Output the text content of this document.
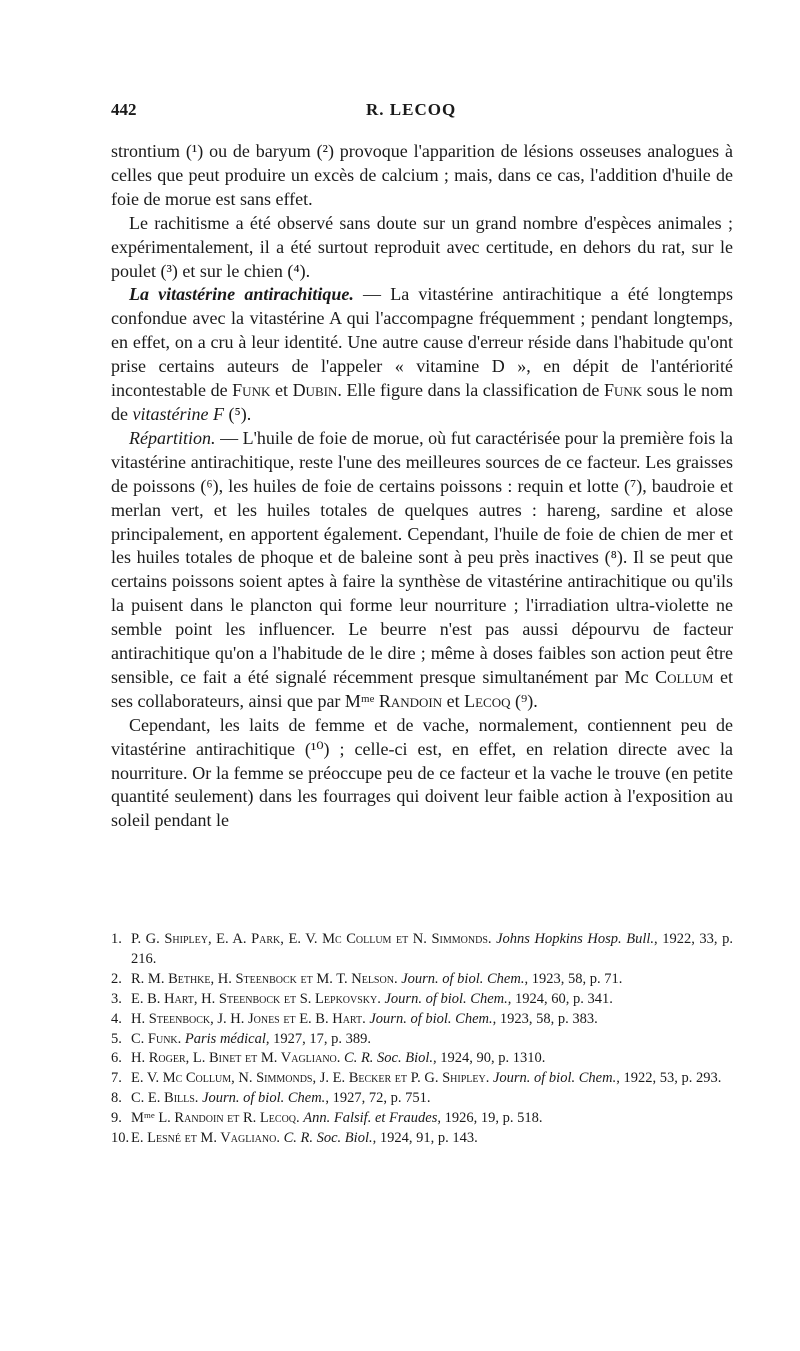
442	R. LECOQ

strontium (¹) ou de baryum (²) provoque l'apparition de lésions osseuses analogues à celles que peut produire un excès de calcium ; mais, dans ce cas, l'addition d'huile de foie de morue est sans effet.

Le rachitisme a été observé sans doute sur un grand nombre d'espèces animales ; expérimentalement, il a été surtout reproduit avec certitude, en dehors du rat, sur le poulet (³) et sur le chien (⁴).

La vitastérine antirachitique. — La vitastérine antirachitique a été longtemps confondue avec la vitastérine A qui l'accompagne fréquemment ; pendant longtemps, en effet, on a cru à leur identité. Une autre cause d'erreur réside dans l'habitude qu'ont prise certains auteurs de l'appeler « vitamine D », en dépit de l'antériorité incontestable de Funk et Dubin. Elle figure dans la classification de Funk sous le nom de vitastérine F (⁵).

Répartition. — L'huile de foie de morue, où fut caractérisée pour la première fois la vitastérine antirachitique, reste l'une des meilleures sources de ce facteur. Les graisses de poissons (⁶), les huiles de foie de certains poissons : requin et lotte (⁷), baudroie et merlan vert, et les huiles totales de quelques autres : hareng, sardine et alose principalement, en apportent également. Cependant, l'huile de foie de chien de mer et les huiles totales de phoque et de baleine sont à peu près inactives (⁸). Il se peut que certains poissons soient aptes à faire la synthèse de vitastérine antirachitique ou qu'ils la puisent dans le plancton qui forme leur nourriture ; l'irradiation ultra-violette ne semble point les influencer. Le beurre n'est pas aussi dépourvu de facteur antirachitique qu'on a l'habitude de le dire ; même à doses faibles son action peut être sensible, ce fait a été signalé récemment presque simultanément par Mc Collum et ses collaborateurs, ainsi que par Mᵐᵉ Randoin et Lecoq (⁹).

Cependant, les laits de femme et de vache, normalement, contiennent peu de vitastérine antirachitique (¹⁰) ; celle-ci est, en effet, en relation directe avec la nourriture. Or la femme se préoccupe peu de ce facteur et la vache le trouve (en petite quantité seulement) dans les fourrages qui doivent leur faible action à l'exposition au soleil pendant le

1. P. G. Shipley, E. A. Park, E. V. Mc Collum et N. Simmonds. Johns Hopkins Hosp. Bull., 1922, 33, p. 216.

2. R. M. Bethke, H. Steenbock et M. T. Nelson. Journ. of biol. Chem., 1923, 58, p. 71.

3. E. B. Hart, H. Steenbock et S. Lepkovsky. Journ. of biol. Chem., 1924, 60, p. 341.

4. H. Steenbock, J. H. Jones et E. B. Hart. Journ. of biol. Chem., 1923, 58, p. 383.

5. C. Funk. Paris médical, 1927, 17, p. 389.

6. H. Roger, L. Binet et M. Vagliano. C. R. Soc. Biol., 1924, 90, p. 1310.

7. E. V. Mc Collum, N. Simmonds, J. E. Becker et P. G. Shipley. Journ. of biol. Chem., 1922, 53, p. 293.

8. C. E. Bills. Journ. of biol. Chem., 1927, 72, p. 751.

9. Mᵐᵉ L. Randoin et R. Lecoq. Ann. Falsif. et Fraudes, 1926, 19, p. 518.

10. E. Lesné et M. Vagliano. C. R. Soc. Biol., 1924, 91, p. 143.
